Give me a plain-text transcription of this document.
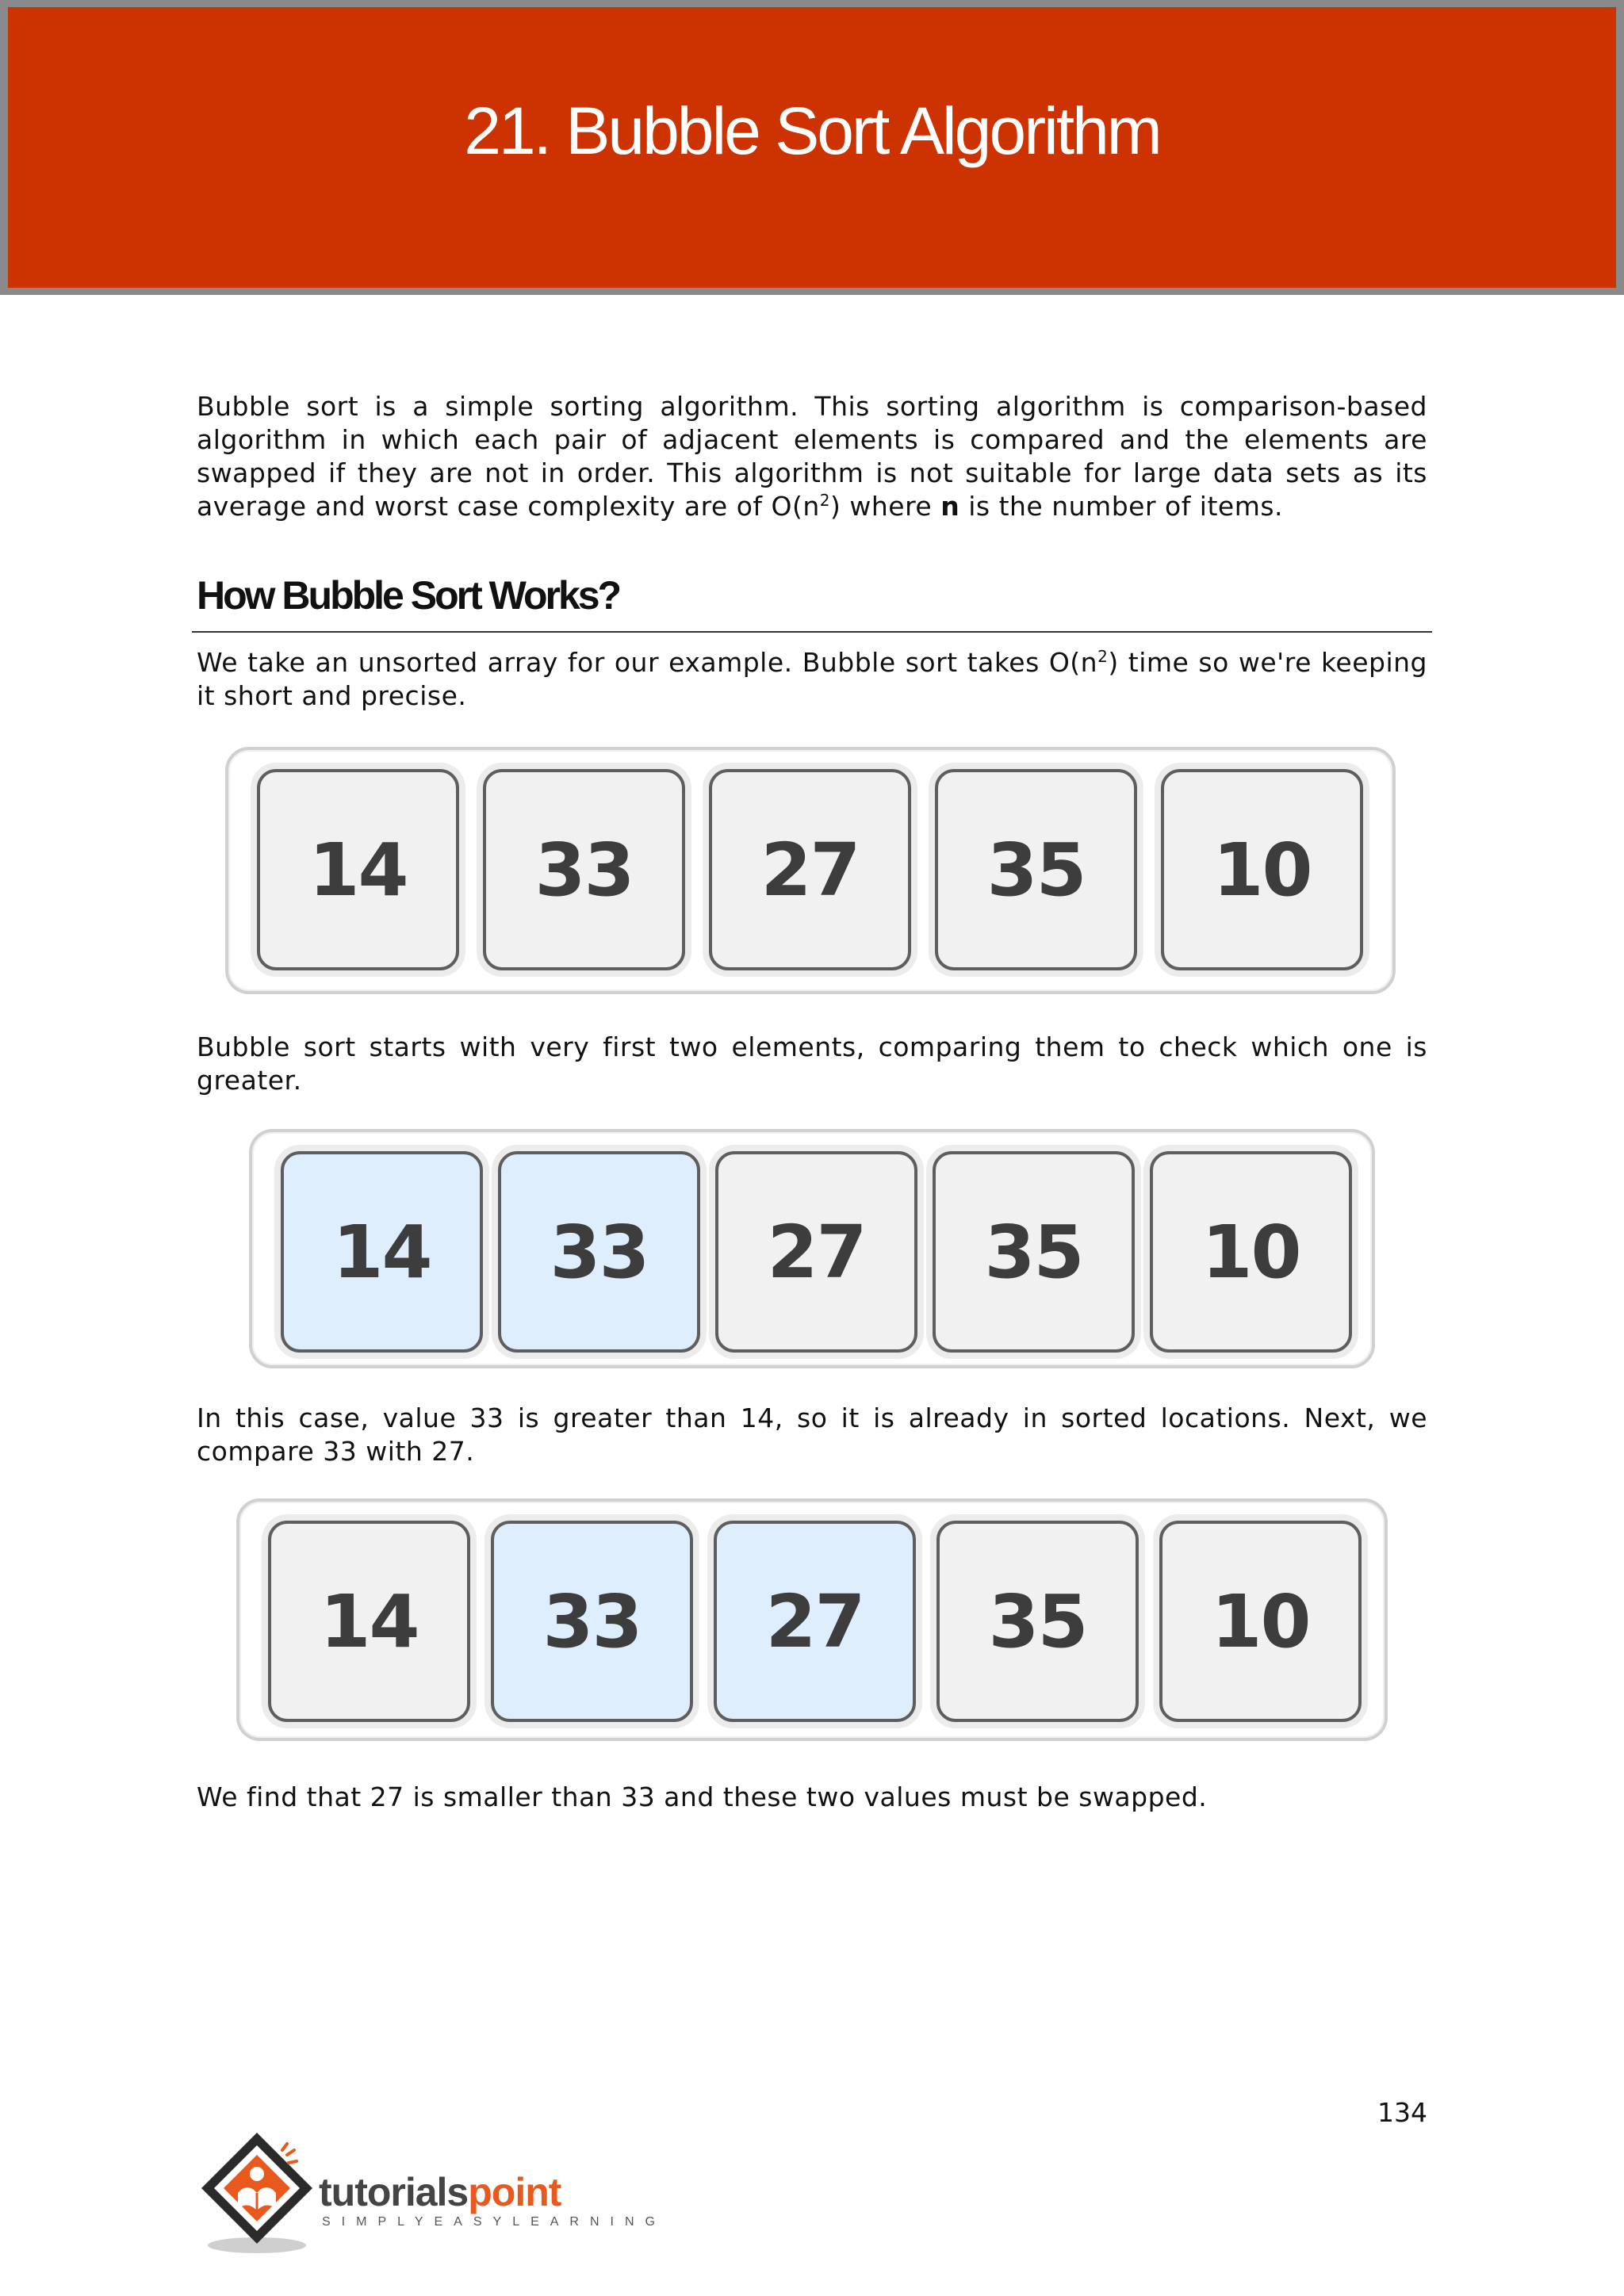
21. Bubble Sort Algorithm

Bubble sort is a simple sorting algorithm. This sorting algorithm is comparison-based algorithm in which each pair of adjacent elements is compared and the elements are swapped if they are not in order. This algorithm is not suitable for large data sets as its average and worst case complexity are of $O(n^2)$ where n is the number of items.

How Bubble Sort Works?

We take an unsorted array for our example. Bubble sort takes $O(n^2)$ time so we're keeping it short and precise.

14	33	27	35	10

Bubble sort starts with very first two elements, comparing them to check which one is greater.

14	33	27	35	10

In this case, value 33 is greater than 14, so it is already in sorted locations. Next, we compare 33 with 27.

14	33	27	35	10

We find that 27 is smaller than 33 and these two values must be swapped.

134
tutorialspoint
SIMPLYEASYLEARNING
